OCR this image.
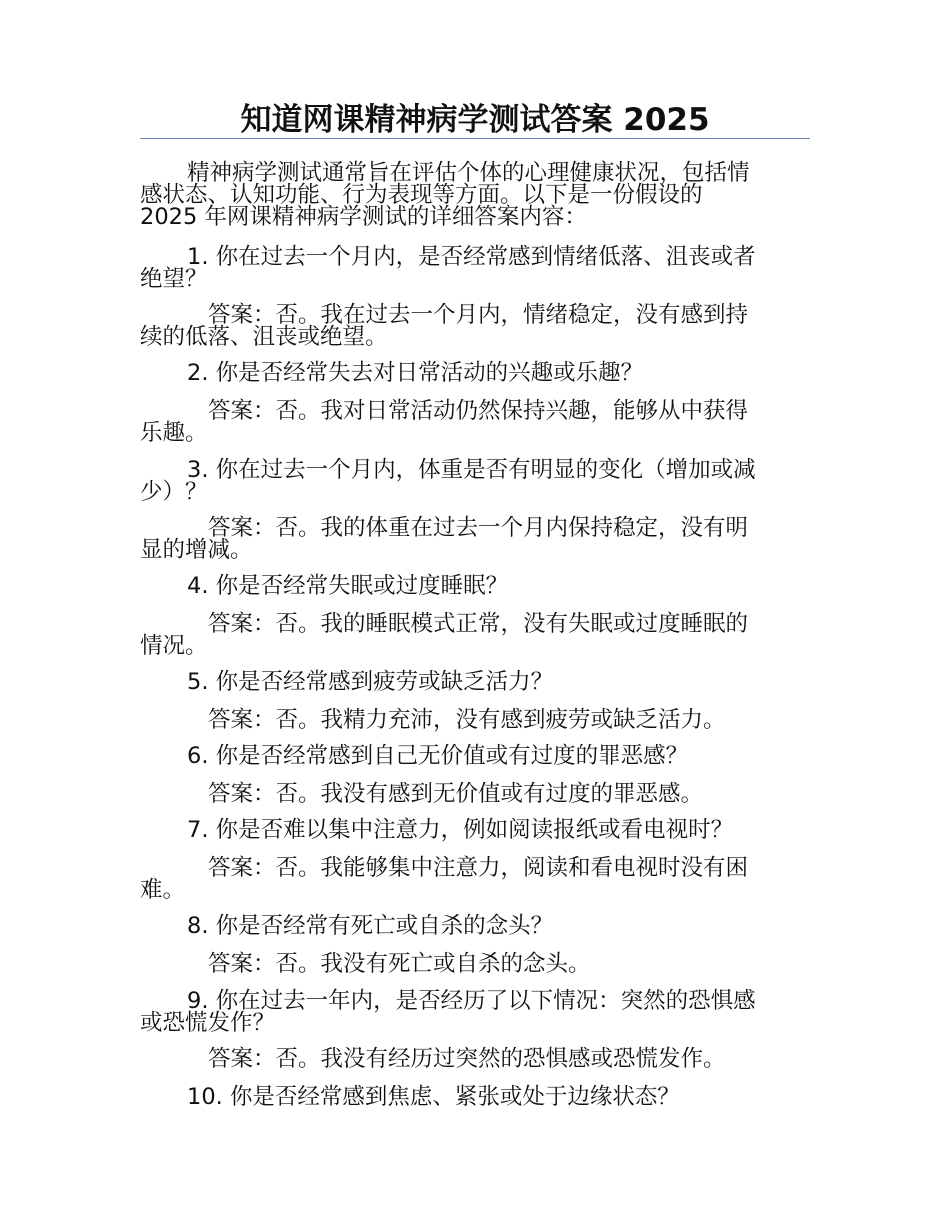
知道网课精神病学测试答案 2025
精神病学测试通常旨在评估个体的心理健康状况，包括情
感状态、认知功能、行为表现等方面。以下是一份假设的
2025 年网课精神病学测试的详细答案内容：
1. 你在过去一个月内，是否经常感到情绪低落、沮丧或者
绝望？
答案：否。我在过去一个月内，情绪稳定，没有感到持
续的低落、沮丧或绝望。
2. 你是否经常失去对日常活动的兴趣或乐趣？
答案：否。我对日常活动仍然保持兴趣，能够从中获得
乐趣。
3. 你在过去一个月内，体重是否有明显的变化（增加或减
少）？
答案：否。我的体重在过去一个月内保持稳定，没有明
显的增减。
4. 你是否经常失眠或过度睡眠？
答案：否。我的睡眠模式正常，没有失眠或过度睡眠的
情况。
5. 你是否经常感到疲劳或缺乏活力？
答案：否。我精力充沛，没有感到疲劳或缺乏活力。
6. 你是否经常感到自己无价值或有过度的罪恶感？
答案：否。我没有感到无价值或有过度的罪恶感。
7. 你是否难以集中注意力，例如阅读报纸或看电视时？
答案：否。我能够集中注意力，阅读和看电视时没有困
难。
8. 你是否经常有死亡或自杀的念头？
答案：否。我没有死亡或自杀的念头。
9. 你在过去一年内，是否经历了以下情况：突然的恐惧感
或恐慌发作？
答案：否。我没有经历过突然的恐惧感或恐慌发作。
10. 你是否经常感到焦虑、紧张或处于边缘状态？
